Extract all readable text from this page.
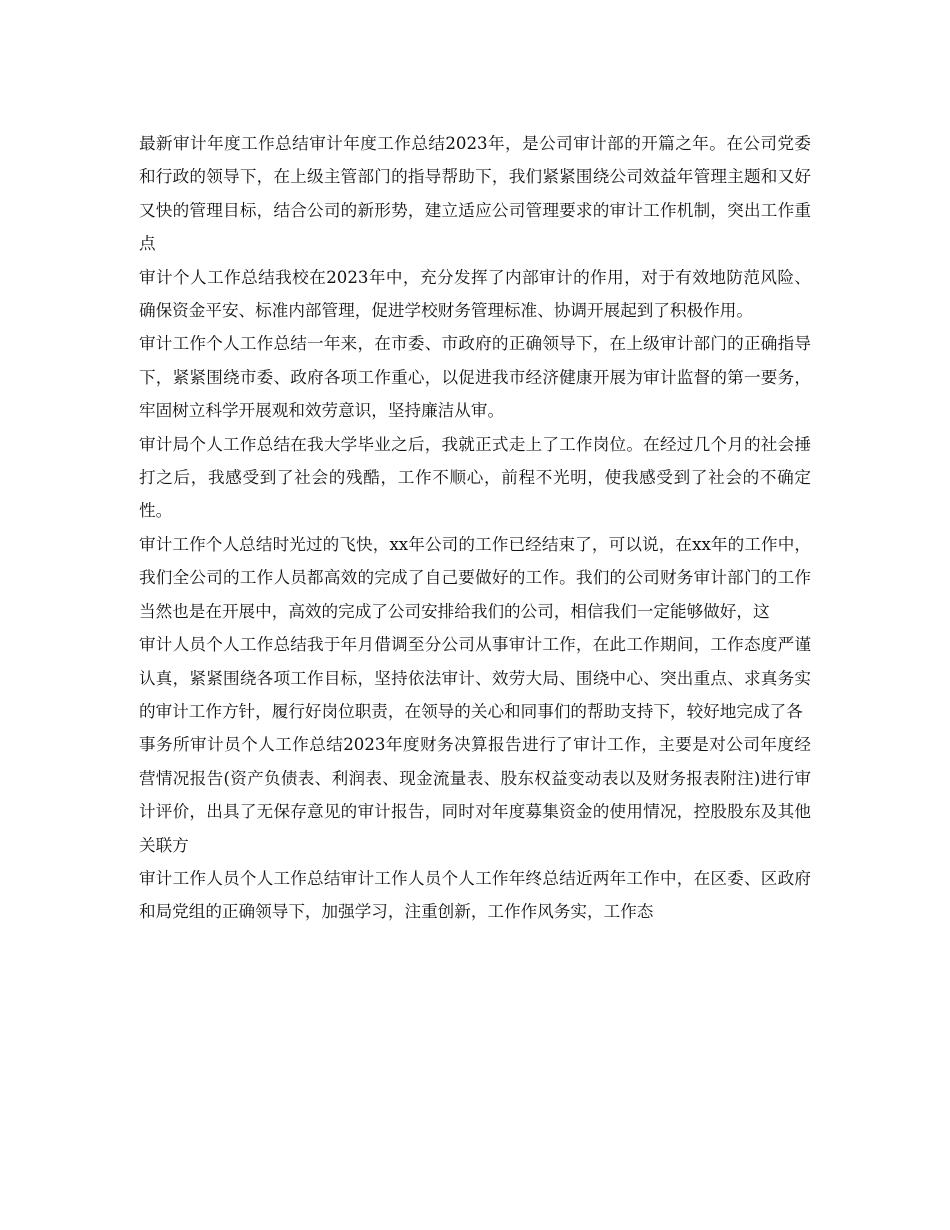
最新审计年度工作总结审计年度工作总结2023年，是公司审计部的开篇之年。在公司党委和行政的领导下，在上级主管部门的指导帮助下，我们紧紧围绕公司效益年管理主题和又好又快的管理目标，结合公司的新形势，建立适应公司管理要求的审计工作机制，突出工作重点

审计个人工作总结我校在2023年中，充分发挥了内部审计的作用，对于有效地防范风险、确保资金平安、标准内部管理，促进学校财务管理标准、协调开展起到了积极作用。

审计工作个人工作总结一年来，在市委、市政府的正确领导下，在上级审计部门的正确指导下，紧紧围绕市委、政府各项工作重心，以促进我市经济健康开展为审计监督的第一要务，牢固树立科学开展观和效劳意识，坚持廉洁从审。

审计局个人工作总结在我大学毕业之后，我就正式走上了工作岗位。在经过几个月的社会捶打之后，我感受到了社会的残酷，工作不顺心，前程不光明，使我感受到了社会的不确定性。

审计工作个人总结时光过的飞快，xx年公司的工作已经结束了，可以说，在xx年的工作中，我们全公司的工作人员都高效的完成了自己要做好的工作。我们的公司财务审计部门的工作当然也是在开展中，高效的完成了公司安排给我们的公司，相信我们一定能够做好，这

审计人员个人工作总结我于年月借调至分公司从事审计工作，在此工作期间，工作态度严谨认真，紧紧围绕各项工作目标，坚持依法审计、效劳大局、围绕中心、突出重点、求真务实的审计工作方针，履行好岗位职责，在领导的关心和同事们的帮助支持下，较好地完成了各

事务所审计员个人工作总结2023年度财务决算报告进行了审计工作，主要是对公司年度经营情况报告(资产负债表、利润表、现金流量表、股东权益变动表以及财务报表附注)进行审计评价，出具了无保存意见的审计报告，同时对年度募集资金的使用情况，控股股东及其他关联方

审计工作人员个人工作总结审计工作人员个人工作年终总结近两年工作中，在区委、区政府和局党组的正确领导下，加强学习，注重创新，工作作风务实，工作态
